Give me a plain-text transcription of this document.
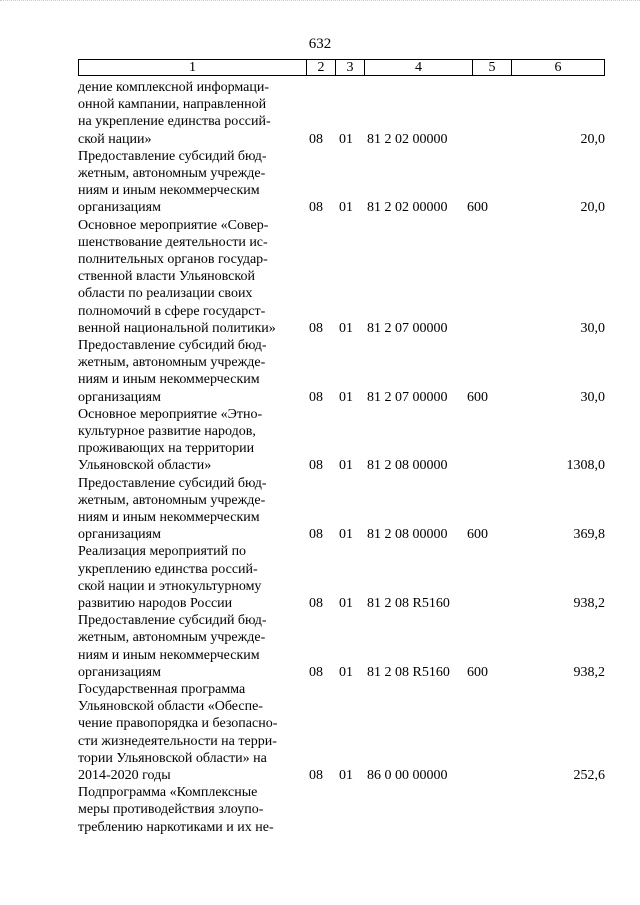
632
1	2	3	4	5	6
дение комплексной информаци-
онной кампании, направленной
на укрепление единства россий-
ской нации»	08 01 81 2 02 00000	20,0
Предоставление субсидий бюд-
жетным, автономным учрежде-
ниям и иным некоммерческим
организациям	08 01 81 2 02 00000 600	20,0
Основное мероприятие «Совер-
шенствование деятельности ис-
полнительных органов государ-
ственной власти Ульяновской
области по реализации своих
полномочий в сфере государст-
венной национальной политики»	08 01 81 2 07 00000	30,0
Предоставление субсидий бюд-
жетным, автономным учрежде-
ниям и иным некоммерческим
организациям	08 01 81 2 07 00000 600	30,0
Основное мероприятие «Этно-
культурное развитие народов,
проживающих на территории
Ульяновской области»	08 01 81 2 08 00000	1308,0
Предоставление субсидий бюд-
жетным, автономным учрежде-
ниям и иным некоммерческим
организациям	08 01 81 2 08 00000 600	369,8
Реализация мероприятий по
укреплению единства россий-
ской нации и этнокультурному
развитию народов России	08 01 81 2 08 R5160	938,2
Предоставление субсидий бюд-
жетным, автономным учрежде-
ниям и иным некоммерческим
организациям	08 01 81 2 08 R5160 600	938,2
Государственная программа
Ульяновской области «Обеспе-
чение правопорядка и безопасно-
сти жизнедеятельности на терри-
тории Ульяновской области» на
2014-2020 годы	08 01 86 0 00 00000	252,6
Подпрограмма «Комплексные
меры противодействия злоупо-
треблению наркотиками и их не-
